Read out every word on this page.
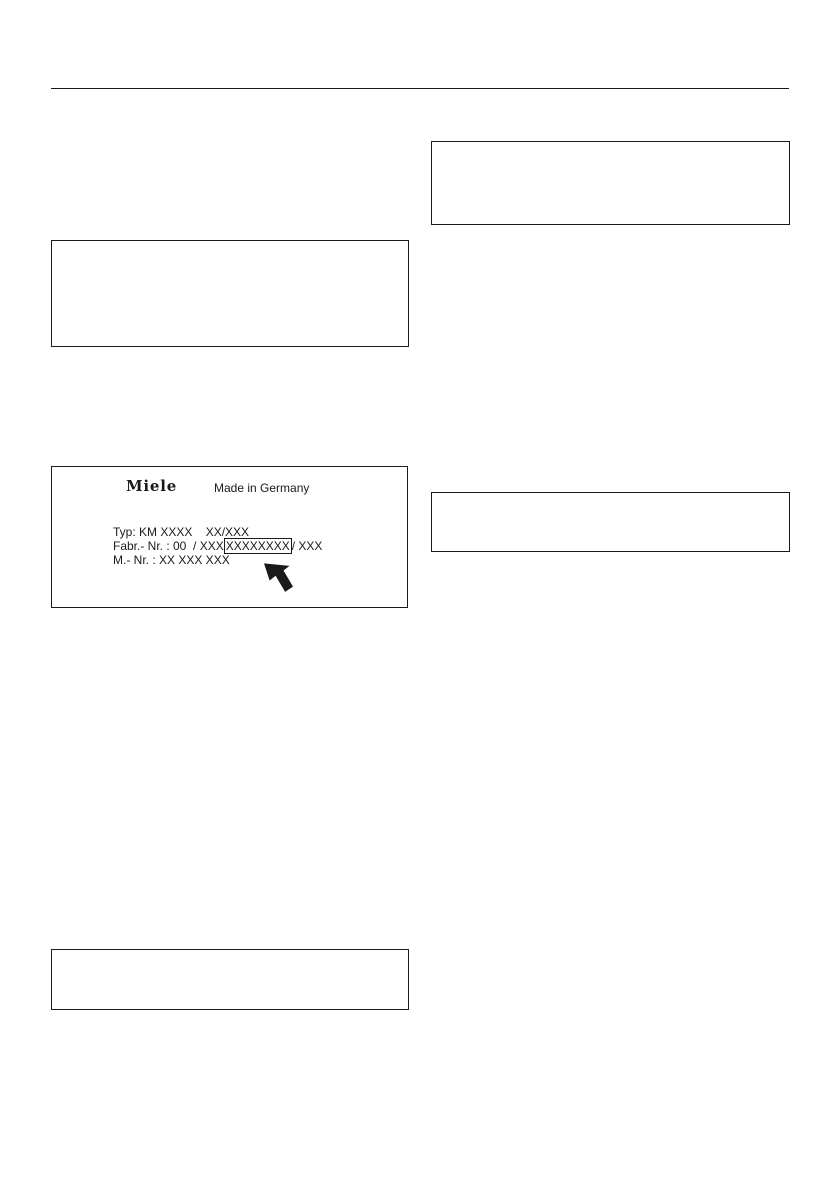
Miele	Made in Germany
Typ: KM XXXX    XX/XXX
Fabr.- Nr. : 00  / XXX XXXXXXXX / XXX
M.- Nr. : XX XXX XXX
